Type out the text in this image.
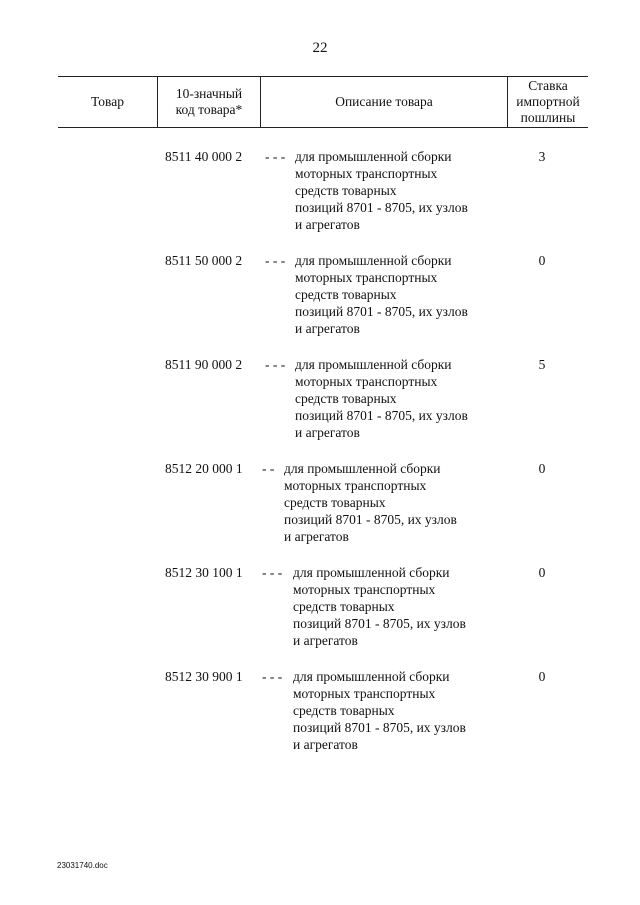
22
Товар
10-значный
код товара*
Описание товара
Ставка
импортной
пошлины
8511 40 000 2 - - - для промышленной сборки
моторных транспортных
средств товарных
позиций 8701 - 8705, их узлов
и агрегатов
3
8511 50 000 2 - - - для промышленной сборки
моторных транспортных
средств товарных
позиций 8701 - 8705, их узлов
и агрегатов
0
8511 90 000 2 - - - для промышленной сборки
моторных транспортных
средств товарных
позиций 8701 - 8705, их узлов
и агрегатов
5
8512 20 000 1 - - для промышленной сборки
моторных транспортных
средств товарных
позиций 8701 - 8705, их узлов
и агрегатов
0
8512 30 100 1 - - - для промышленной сборки
моторных транспортных
средств товарных
позиций 8701 - 8705, их узлов
и агрегатов
0
8512 30 900 1 - - - для промышленной сборки
моторных транспортных
средств товарных
позиций 8701 - 8705, их узлов
и агрегатов
0
23031740.doc
